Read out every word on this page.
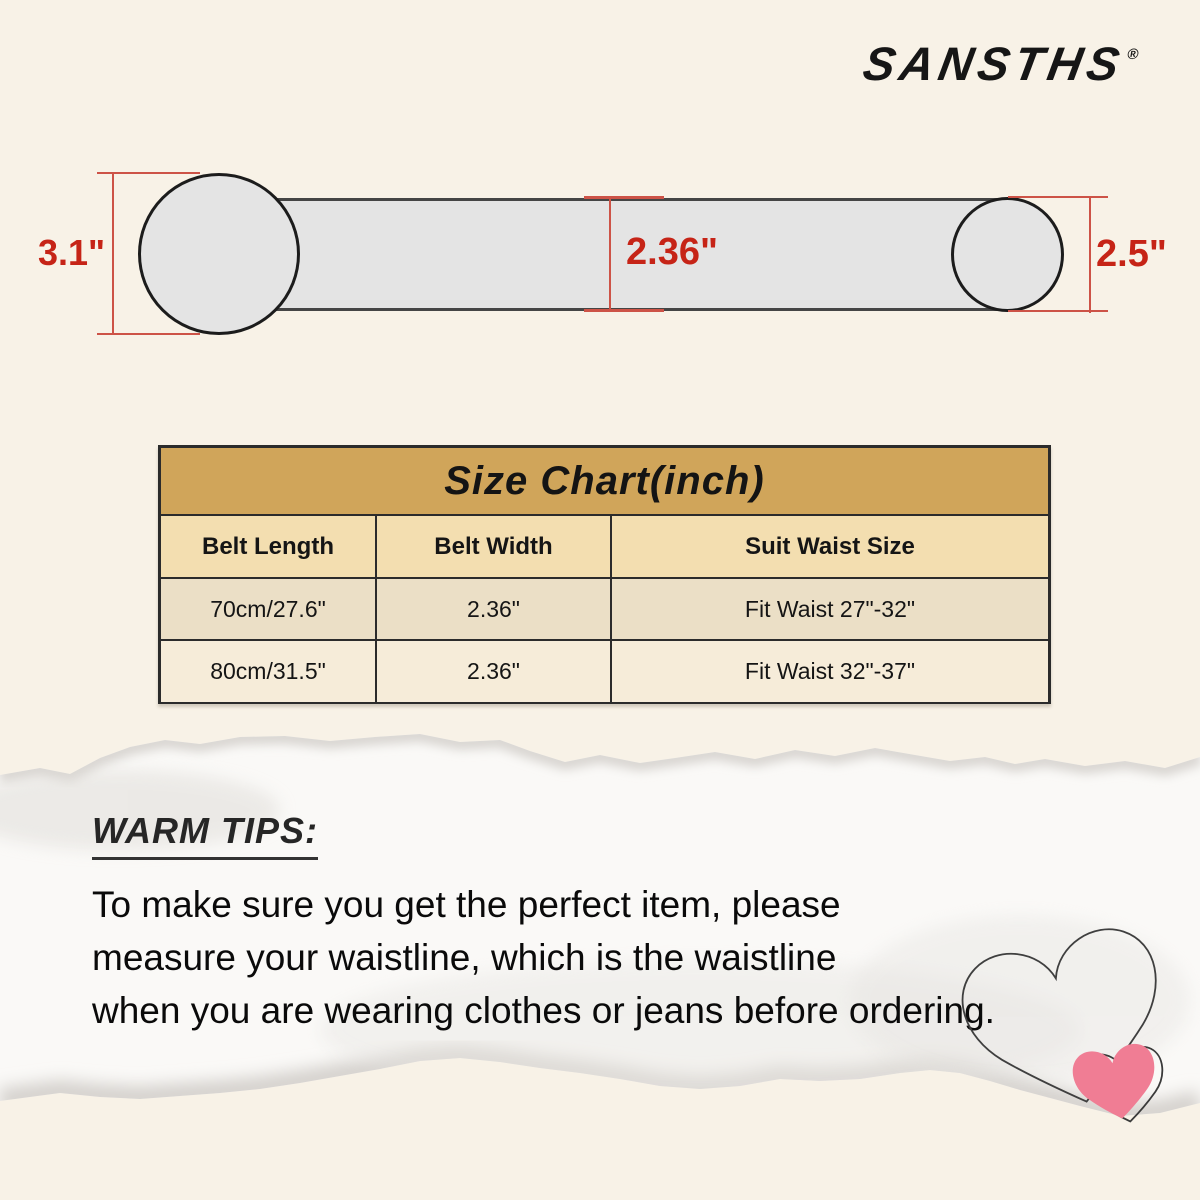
SANSTHS®
3.1"	2.36"	2.5"
Size Chart(inch)
Belt Length	Belt Width	Suit Waist Size
70cm/27.6"	2.36"	Fit Waist 27"-32"
80cm/31.5"	2.36"	Fit Waist 32"-37"
WARM TIPS:
To make sure you get the perfect item, please
measure your waistline, which is the waistline
when you are wearing clothes or jeans before ordering.
